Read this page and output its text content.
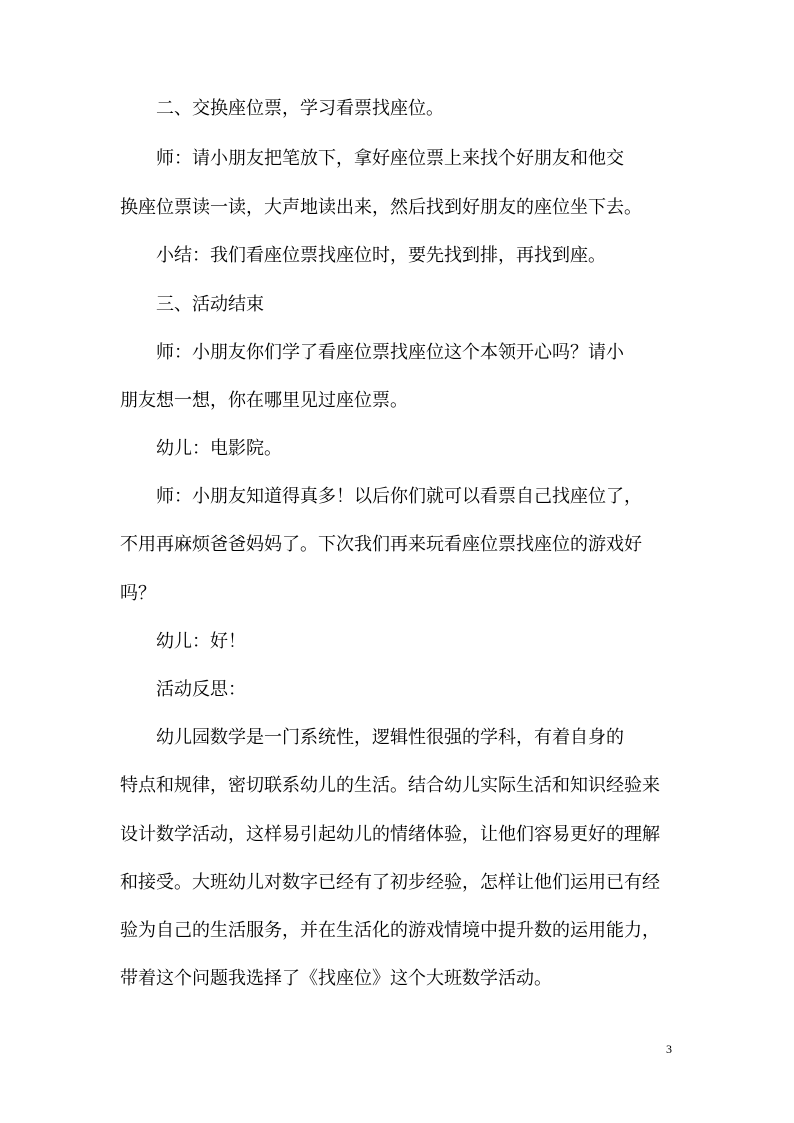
　　二、交换座位票，学习看票找座位。
　　师：请小朋友把笔放下，拿好座位票上来找个好朋友和他交
换座位票读一读，大声地读出来，然后找到好朋友的座位坐下去。
　　小结：我们看座位票找座位时，要先找到排，再找到座。
　　三、活动结束
　　师：小朋友你们学了看座位票找座位这个本领开心吗？请小
朋友想一想，你在哪里见过座位票。
　　幼儿：电影院。
　　师：小朋友知道得真多！以后你们就可以看票自己找座位了，
不用再麻烦爸爸妈妈了。下次我们再来玩看座位票找座位的游戏好
吗？
　　幼儿：好！
　　活动反思：
　　幼儿园数学是一门系统性，逻辑性很强的学科，有着自身的
特点和规律，密切联系幼儿的生活。结合幼儿实际生活和知识经验来
设计数学活动，这样易引起幼儿的情绪体验，让他们容易更好的理解
和接受。大班幼儿对数字已经有了初步经验，怎样让他们运用已有经
验为自己的生活服务，并在生活化的游戏情境中提升数的运用能力，
带着这个问题我选择了《找座位》这个大班数学活动。
3
